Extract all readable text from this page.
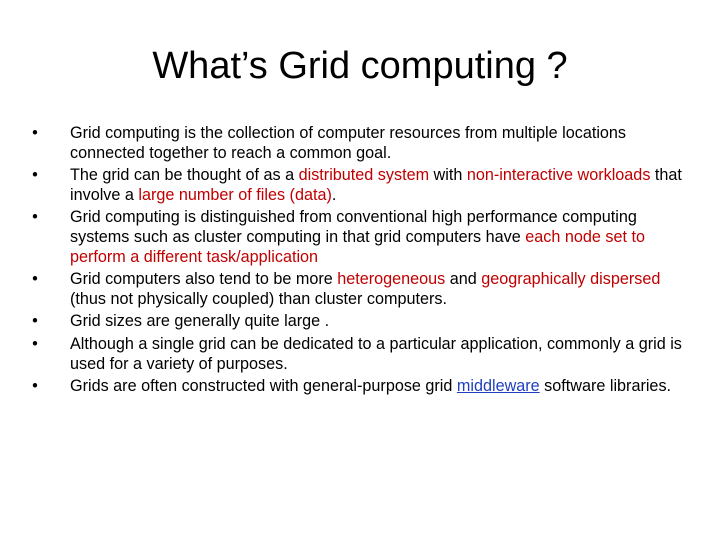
What’s Grid computing ?
• Grid computing is the collection of computer resources from multiple locations connected together to reach a common goal.
• The grid can be thought of as a distributed system with non-interactive workloads that involve a large number of files (data).
• Grid computing is distinguished from conventional high performance computing systems such as cluster computing in that grid computers have each node set to perform a different task/application
• Grid computers also tend to be more heterogeneous and geographically dispersed (thus not physically coupled) than cluster computers.
• Grid sizes are generally quite large .
• Although a single grid can be dedicated to a particular application, commonly a grid is used for a variety of purposes.
• Grids are often constructed with general-purpose grid middleware software libraries.
